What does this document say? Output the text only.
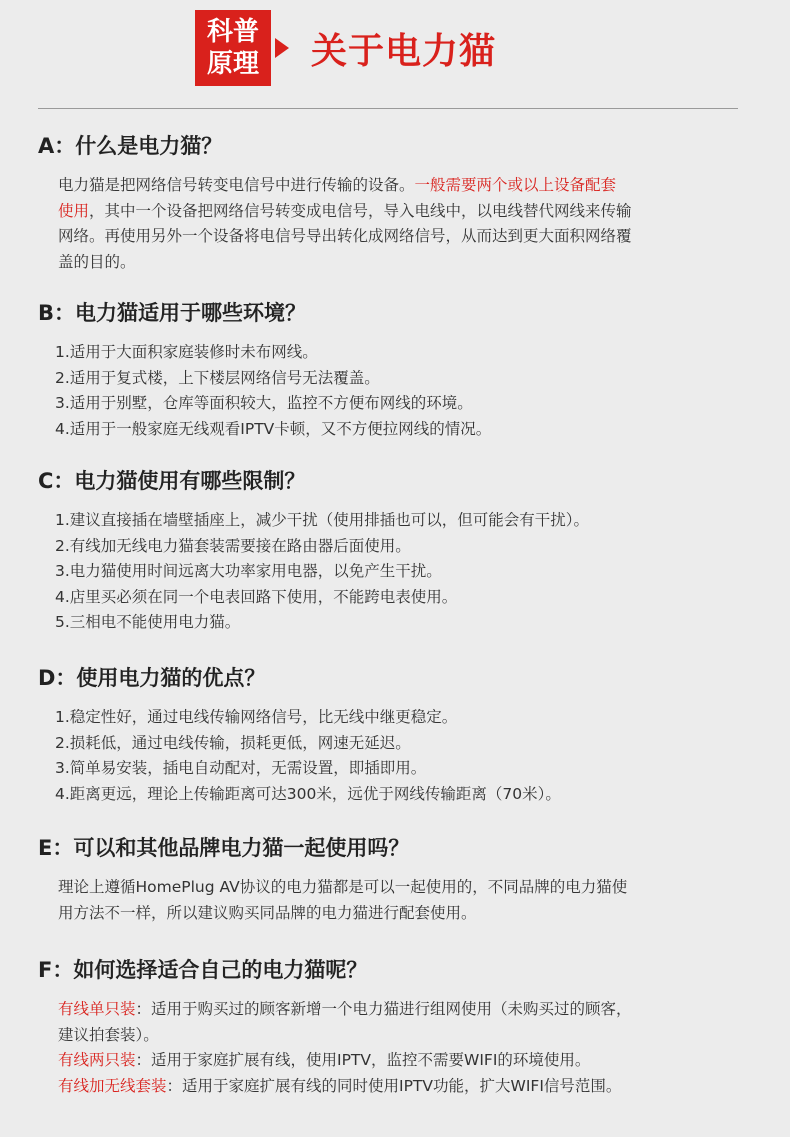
科普
原理 关于电力猫
A：什么是电力猫？

电力猫是把网络信号转变电信号中进行传输的设备。一般需要两个或以上设备配套

使用，其中一个设备把网络信号转变成电信号，导入电线中，以电线替代网线来传输

网络。再使用另外一个设备将电信号导出转化成网络信号，从而达到更大面积网络覆

盖的目的。

B：电力猫适用于哪些环境？
1.适用于大面积家庭装修时未布网线。
2.适用于复式楼，上下楼层网络信号无法覆盖。
3.适用于别墅，仓库等面积较大，监控不方便布网线的环境。
4.适用于一般家庭无线观看IPTV卡顿，又不方便拉网线的情况。
C：电力猫使用有哪些限制？
1.建议直接插在墙壁插座上，减少干扰（使用排插也可以，但可能会有干扰）。
2.有线加无线电力猫套装需要接在路由器后面使用。
3.电力猫使用时间远离大功率家用电器，以免产生干扰。
4.店里买必须在同一个电表回路下使用，不能跨电表使用。
5.三相电不能使用电力猫。
D：使用电力猫的优点？
1.稳定性好，通过电线传输网络信号，比无线中继更稳定。
2.损耗低，通过电线传输，损耗更低，网速无延迟。
3.简单易安装，插电自动配对，无需设置，即插即用。
4.距离更远，理论上传输距离可达300米，远优于网线传输距离（70米）。
E：可以和其他品牌电力猫一起使用吗？

理论上遵循HomePlug AV协议的电力猫都是可以一起使用的，不同品牌的电力猫使

用方法不一样，所以建议购买同品牌的电力猫进行配套使用。

F：如何选择适合自己的电力猫呢？

有线单只装：适用于购买过的顾客新增一个电力猫进行组网使用（未购买过的顾客，

建议拍套装）。

有线两只装：适用于家庭扩展有线，使用IPTV，监控不需要WIFI的环境使用。

有线加无线套装：适用于家庭扩展有线的同时使用IPTV功能，扩大WIFI信号范围。
